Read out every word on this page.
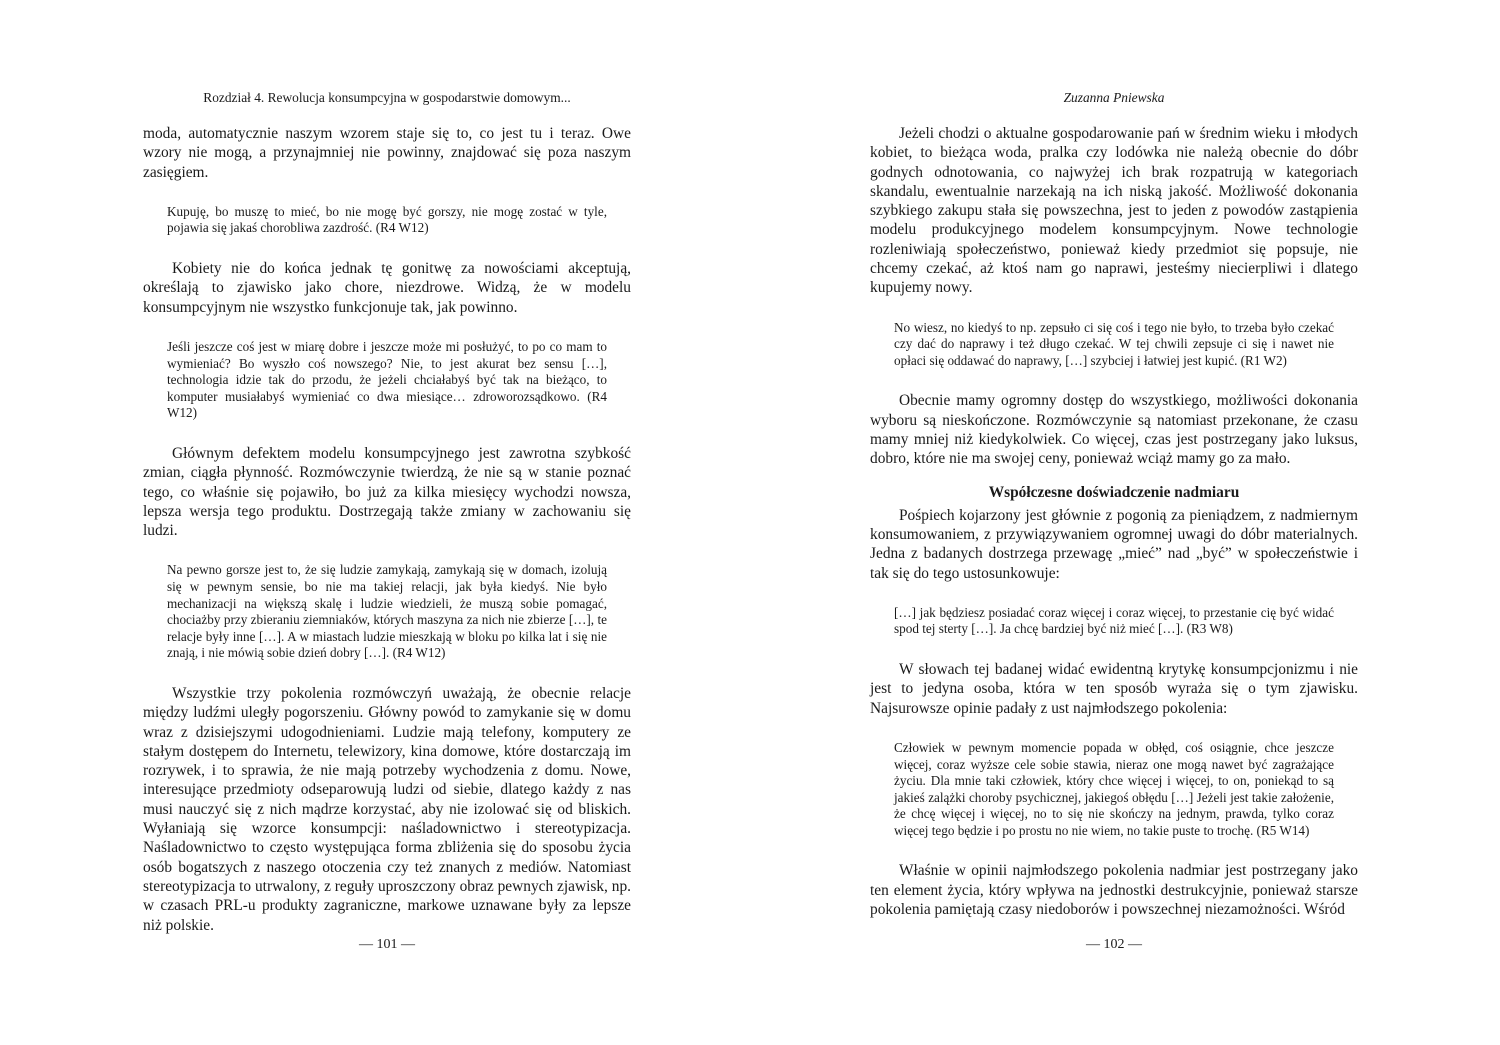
Rozdział 4. Rewolucja konsumpcyjna w gospodarstwie domowym...

moda, automatycznie naszym wzorem staje się to, co jest tu i teraz. Owe wzory nie mogą, a przynajmniej nie powinny, znajdować się poza naszym zasięgiem.

Kupuję, bo muszę to mieć, bo nie mogę być gorszy, nie mogę zostać w tyle, pojawia się jakaś chorobliwa zazdrość. (R4 W12)

Kobiety nie do końca jednak tę gonitwę za nowościami akceptują, określają to zjawisko jako chore, niezdrowe. Widzą, że w modelu konsumpcyjnym nie wszystko funkcjonuje tak, jak powinno.

Jeśli jeszcze coś jest w miarę dobre i jeszcze może mi posłużyć, to po co mam to wymieniać? Bo wyszło coś nowszego? Nie, to jest akurat bez sensu […], technologia idzie tak do przodu, że jeżeli chciałabyś być tak na bieżąco, to komputer musiałabyś wymieniać co dwa miesiące… zdroworozsądkowo. (R4 W12)

Głównym defektem modelu konsumpcyjnego jest zawrotna szybkość zmian, ciągła płynność. Rozmówczynie twierdzą, że nie są w stanie poznać tego, co właśnie się pojawiło, bo już za kilka miesięcy wychodzi nowsza, lepsza wersja tego produktu. Dostrzegają także zmiany w zachowaniu się ludzi.

Na pewno gorsze jest to, że się ludzie zamykają, zamykają się w domach, izolują się w pewnym sensie, bo nie ma takiej relacji, jak była kiedyś. Nie było mechanizacji na większą skalę i ludzie wiedzieli, że muszą sobie pomagać, chociażby przy zbieraniu ziemniaków, których maszyna za nich nie zbierze […], te relacje były inne […]. A w miastach ludzie mieszkają w bloku po kilka lat i się nie znają, i nie mówią sobie dzień dobry […]. (R4 W12)

Wszystkie trzy pokolenia rozmówczyń uważają, że obecnie relacje między ludźmi uległy pogorszeniu. Główny powód to zamykanie się w domu wraz z dzisiejszymi udogodnieniami. Ludzie mają telefony, komputery ze stałym dostępem do Internetu, telewizory, kina domowe, które dostarczają im rozrywek, i to sprawia, że nie mają potrzeby wychodzenia z domu. Nowe, interesujące przedmioty odseparowują ludzi od siebie, dlatego każdy z nas musi nauczyć się z nich mądrze korzystać, aby nie izolować się od bliskich. Wyłaniają się wzorce konsumpcji: naśladownictwo i stereotypizacja. Naśladownictwo to często występująca forma zbliżenia się do sposobu życia osób bogatszych z naszego otoczenia czy też znanych z mediów. Natomiast stereotypizacja to utrwalony, z reguły uproszczony obraz pewnych zjawisk, np. w czasach PRL-u produkty zagraniczne, markowe uznawane były za lepsze niż polskie.

— 101 —
Zuzanna Pniewska

Jeżeli chodzi o aktualne gospodarowanie pań w średnim wieku i młodych kobiet, to bieżąca woda, pralka czy lodówka nie należą obecnie do dóbr godnych odnotowania, co najwyżej ich brak rozpatrują w kategoriach skandalu, ewentualnie narzekają na ich niską jakość. Możliwość dokonania szybkiego zakupu stała się powszechna, jest to jeden z powodów zastąpienia modelu produkcyjnego modelem konsumpcyjnym. Nowe technologie rozleniwiają społeczeństwo, ponieważ kiedy przedmiot się popsuje, nie chcemy czekać, aż ktoś nam go naprawi, jesteśmy niecierpliwi i dlatego kupujemy nowy.

No wiesz, no kiedyś to np. zepsuło ci się coś i tego nie było, to trzeba było czekać czy dać do naprawy i też długo czekać. W tej chwili zepsuje ci się i nawet nie opłaci się oddawać do naprawy, […] szybciej i łatwiej jest kupić. (R1 W2)

Obecnie mamy ogromny dostęp do wszystkiego, możliwości dokonania wyboru są nieskończone. Rozmówczynie są natomiast przekonane, że czasu mamy mniej niż kiedykolwiek. Co więcej, czas jest postrzegany jako luksus, dobro, które nie ma swojej ceny, ponieważ wciąż mamy go za mało.

Współczesne doświadczenie nadmiaru

Pośpiech kojarzony jest głównie z pogonią za pieniądzem, z nadmiernym konsumowaniem, z przywiązywaniem ogromnej uwagi do dóbr materialnych. Jedna z badanych dostrzega przewagę „mieć” nad „być” w społeczeństwie i tak się do tego ustosunkowuje:

[…] jak będziesz posiadać coraz więcej i coraz więcej, to przestanie cię być widać spod tej sterty […]. Ja chcę bardziej być niż mieć […]. (R3 W8)

W słowach tej badanej widać ewidentną krytykę konsumpcjonizmu i nie jest to jedyna osoba, która w ten sposób wyraża się o tym zjawisku. Najsurowsze opinie padały z ust najmłodszego pokolenia:

Człowiek w pewnym momencie popada w obłęd, coś osiągnie, chce jeszcze więcej, coraz wyższe cele sobie stawia, nieraz one mogą nawet być zagrażające życiu. Dla mnie taki człowiek, który chce więcej i więcej, to on, poniekąd to są jakieś zalążki choroby psychicznej, jakiegoś obłędu […] Jeżeli jest takie założenie, że chcę więcej i więcej, no to się nie skończy na jednym, prawda, tylko coraz więcej tego będzie i po prostu no nie wiem, no takie puste to trochę. (R5 W14)

Właśnie w opinii najmłodszego pokolenia nadmiar jest postrzegany jako ten element życia, który wpływa na jednostki destrukcyjnie, ponieważ starsze pokolenia pamiętają czasy niedoborów i powszechnej niezamożności. Wśród

— 102 —
